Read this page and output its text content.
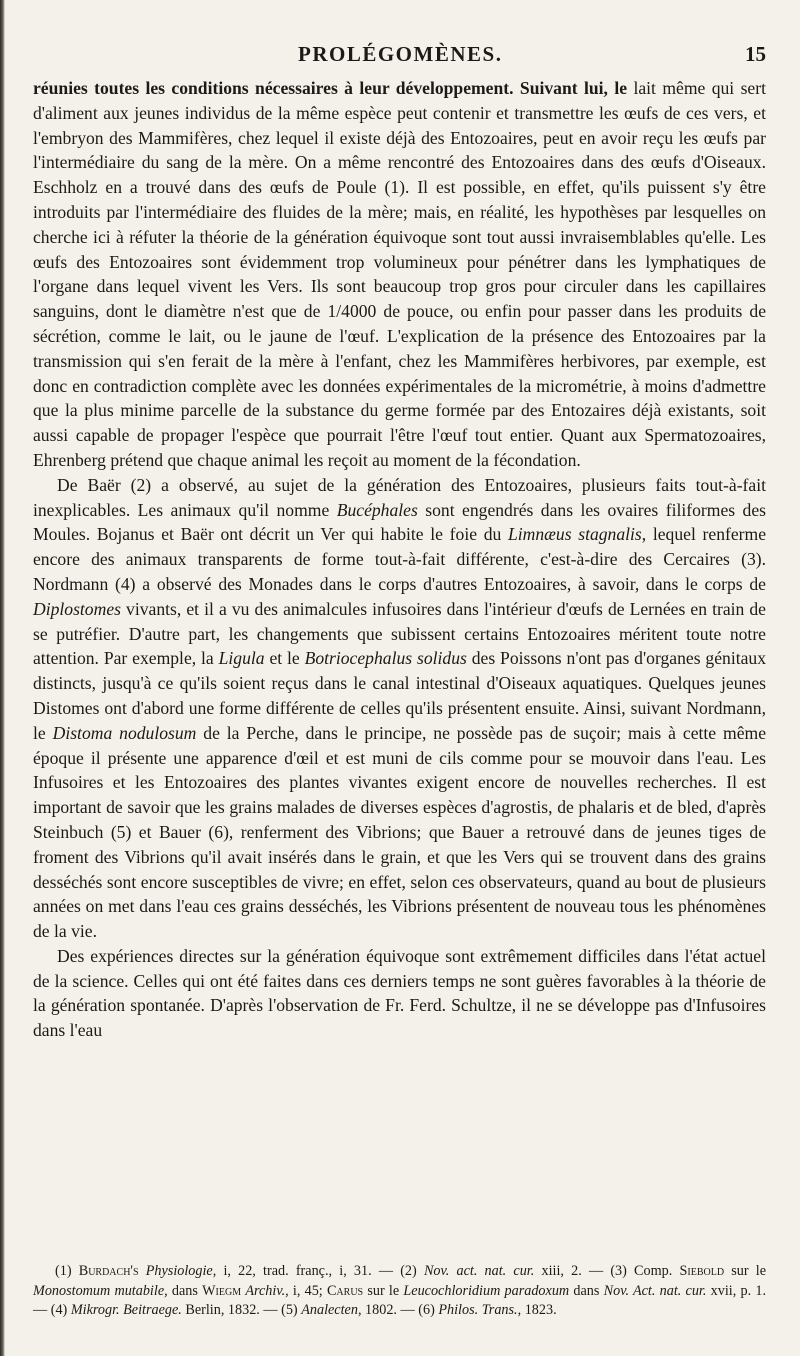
PROLÉGOMÈNES.	15

réunies toutes les conditions nécessaires à leur développement. Suivant lui, le lait même qui sert d'aliment aux jeunes individus de la même espèce peut contenir et transmettre les œufs de ces vers, et l'embryon des Mammifères, chez lequel il existe déjà des Entozoaires, peut en avoir reçu les œufs par l'intermédiaire du sang de la mère. On a même rencontré des Entozoaires dans des œufs d'Oiseaux. Eschholz en a trouvé dans des œufs de Poule (1). Il est possible, en effet, qu'ils puissent s'y être introduits par l'intermédiaire des fluides de la mère; mais, en réalité, les hypothèses par lesquelles on cherche ici à réfuter la théorie de la génération équivoque sont tout aussi invraisemblables qu'elle. Les œufs des Entozoaires sont évidemment trop volumineux pour pénétrer dans les lymphatiques de l'organe dans lequel vivent les Vers. Ils sont beaucoup trop gros pour circuler dans les capillaires sanguins, dont le diamètre n'est que de 1/4000 de pouce, ou enfin pour passer dans les produits de sécrétion, comme le lait, ou le jaune de l'œuf. L'explication de la présence des Entozoaires par la transmission qui s'en ferait de la mère à l'enfant, chez les Mammifères herbivores, par exemple, est donc en contradiction complète avec les données expérimentales de la micrométrie, à moins d'admettre que la plus minime parcelle de la substance du germe formée par des Entozaires déjà existants, soit aussi capable de propager l'espèce que pourrait l'être l'œuf tout entier. Quant aux Spermatozoaires, Ehrenberg prétend que chaque animal les reçoit au moment de la fécondation.

De Baër (2) a observé, au sujet de la génération des Entozoaires, plusieurs faits tout-à-fait inexplicables. Les animaux qu'il nomme Bucéphales sont engendrés dans les ovaires filiformes des Moules. Bojanus et Baër ont décrit un Ver qui habite le foie du Limnæus stagnalis, lequel renferme encore des animaux transparents de forme tout-à-fait différente, c'est-à-dire des Cercaires (3). Nordmann (4) a observé des Monades dans le corps d'autres Entozoaires, à savoir, dans le corps de Diplostomes vivants, et il a vu des animalcules infusoires dans l'intérieur d'œufs de Lernées en train de se putréfier. D'autre part, les changements que subissent certains Entozoaires méritent toute notre attention. Par exemple, la Ligula et le Botriocephalus solidus des Poissons n'ont pas d'organes génitaux distincts, jusqu'à ce qu'ils soient reçus dans le canal intestinal d'Oiseaux aquatiques. Quelques jeunes Distomes ont d'abord une forme différente de celles qu'ils présentent ensuite. Ainsi, suivant Nordmann, le Distoma nodulosum de la Perche, dans le principe, ne possède pas de suçoir; mais à cette même époque il présente une apparence d'œil et est muni de cils comme pour se mouvoir dans l'eau. Les Infusoires et les Entozoaires des plantes vivantes exigent encore de nouvelles recherches. Il est important de savoir que les grains malades de diverses espèces d'agrostis, de phalaris et de bled, d'après Steinbuch (5) et Bauer (6), renferment des Vibrions; que Bauer a retrouvé dans de jeunes tiges de froment des Vibrions qu'il avait insérés dans le grain, et que les Vers qui se trouvent dans des grains desséchés sont encore susceptibles de vivre; en effet, selon ces observateurs, quand au bout de plusieurs années on met dans l'eau ces grains desséchés, les Vibrions présentent de nouveau tous les phénomènes de la vie.

Des expériences directes sur la génération équivoque sont extrêmement difficiles dans l'état actuel de la science. Celles qui ont été faites dans ces derniers temps ne sont guères favorables à la théorie de la génération spontanée. D'après l'observation de Fr. Ferd. Schultze, il ne se développe pas d'Infusoires dans l'eau

(1) Burdach's Physiologie, i, 22, trad. franç., i, 31. — (2) Nov. act. nat. cur. xiii, 2. — (3) Comp. Siebold sur le Monostomum mutabile, dans Wiegm Archiv., i, 45; Carus sur le Leucochloridium paradoxum dans Nov. Act. nat. cur. xvii, p. 1. — (4) Mikrogr. Beitraege. Berlin, 1832. — (5) Analecten, 1802. — (6) Philos. Trans., 1823.
